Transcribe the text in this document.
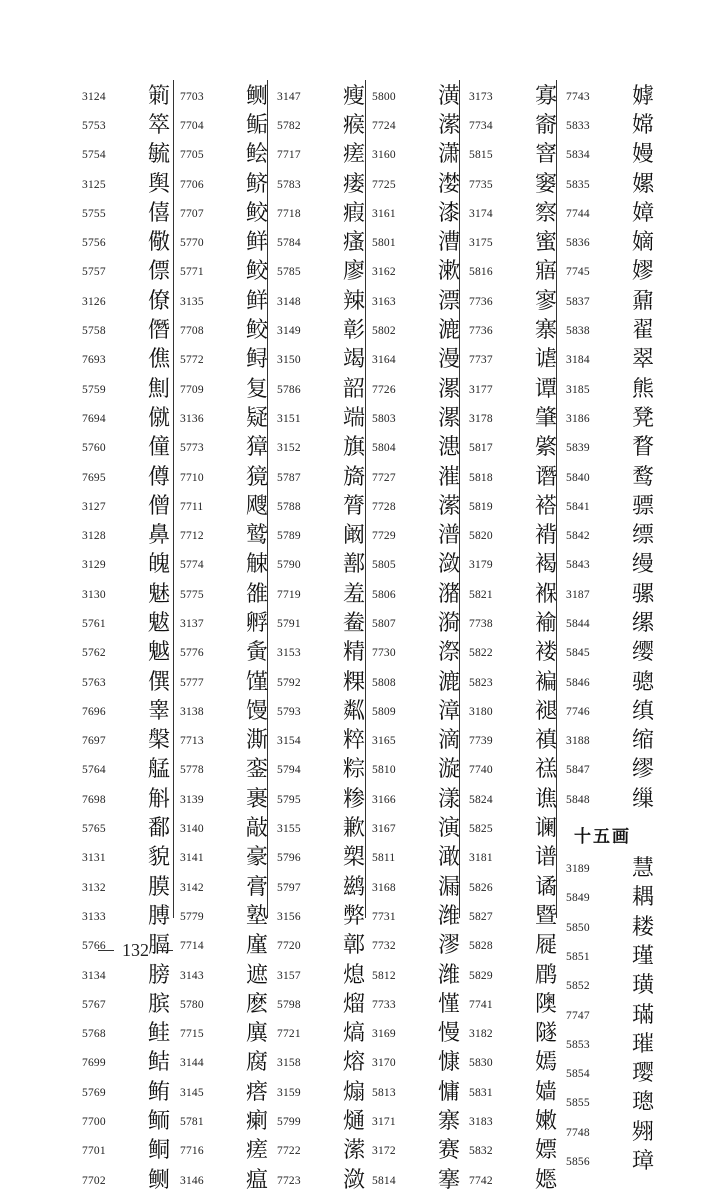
3124	箣
5753	箤
5754	毓
3125	舆
5755	僖
5756	儆
5757	僄
3126	僚
5758	僭
7693	僬
5759	劁
7694	僦
5760	僮
7695	僔
3127	僧
3128	鼻
3129	魄
3130	魅
5761	魃
5762	魆
5763	僎
7696	睾
7697	槃
5764	艋
7698	斛
5765	鄱
3131	貌
3132	膜
3133	膊
5766	膈
3134	膀
5767	膑
5768	鲑
7699	鲒
5769	鲔
7700	鲕
7701	鲖
7702	鲗
7703	鲗
7704	鲘
7705	鲙
7706	鲚
7707	鲛
5770	鲜
5771	鲛
3135	鲜
7708	鲛
5772	鲟
7709	复
3136	疑
5773	獐
7710	獍
7711	飕
7712	鹫
5774	觫
5775	雒
3137	孵
5776	夤
5777	馑
3138	馒
7713	澌
5778	銮
3139	裹
3140	敲
3141	豪
3142	膏
5779	塾
7714	廑
3143	遮
5780	麽
7715	廙
3144	腐
3145	瘩
5781	瘌
7716	瘥
3146	瘟
3147	瘦
5782	瘊
7717	瘥
5783	瘘
7718	瘕
5784	瘙
5785	廖
3148	辣
3149	彰
3150	竭
5786	韶
3151	端
3152	旗
5787	旖
5788	膂
5789	阚
5790	鄯
7719	羞
5791	鲞
3153	精
5792	粿
5793	粼
3154	粹
5794	粽
5795	糁
3155	歉
5796	槊
5797	鹚
3156	弊
7720	鄣
3157	熄
5798	熘
7721	熇
3158	熔
3159	煽
5799	熥
7722	潆
7723	潋
5800	潢
7724	潆
3160	潇
7725	漤
3161	漆
5801	漕
3162	漱
3163	漂
5802	漉
3164	漫
7726	漯
5803	漯
5804	漶
7727	漼
7728	潆
7729	潽
5805	潋
5806	潴
5807	漪
7730	漈
5808	漉
5809	漳
3165	滴
5810	漩
3166	漾
3167	演
5811	澉
3168	漏
7731	潍
7732	漻
5812	潍
7733	慬
3169	慢
3170	慷
5813	慵
3171	寨
3172	赛
5814	搴
3173	寡
7734	窬
5815	窨
7735	窭
3174	察
3175	蜜
5816	寤
7736	寥
7736	寨
7737	谑
3177	谭
3178	肇
5817	綮
5818	谮
5819	褡
5820	褙
3179	褐
5821	褓
7738	褕
5822	褛
5823	褊
3180	褪
7739	禛
7740	禚
5824	谯
5825	谰
3181	谱
5826	谲
5827	暨
5828	屣
5829	鹛
7741	隩
3182	隧
5830	嫣
5831	嫱
3183	嫩
5832	嫖
7742	嫕
7743	嫭
5833	嫦
5834	嫚
5835	嫘
7744	嫜
5836	嫡
7745	嫪
5837	鼐
5838	翟
3184	翠
3185	熊
3186	凳
5839	瞀
5840	鹜
5841	骠
5842	缥
5843	缦
3187	骡
5844	缧
5845	缨
5846	骢
7746	缜
3188	缩
5847	缪
5848	缫
十五画
3189	慧
5849	耦
5850	耧
5851	瑾
5852	璜
7747	璊
5853	璀
5854	璎
5855	璁
7748	翙
5856	璋
132
